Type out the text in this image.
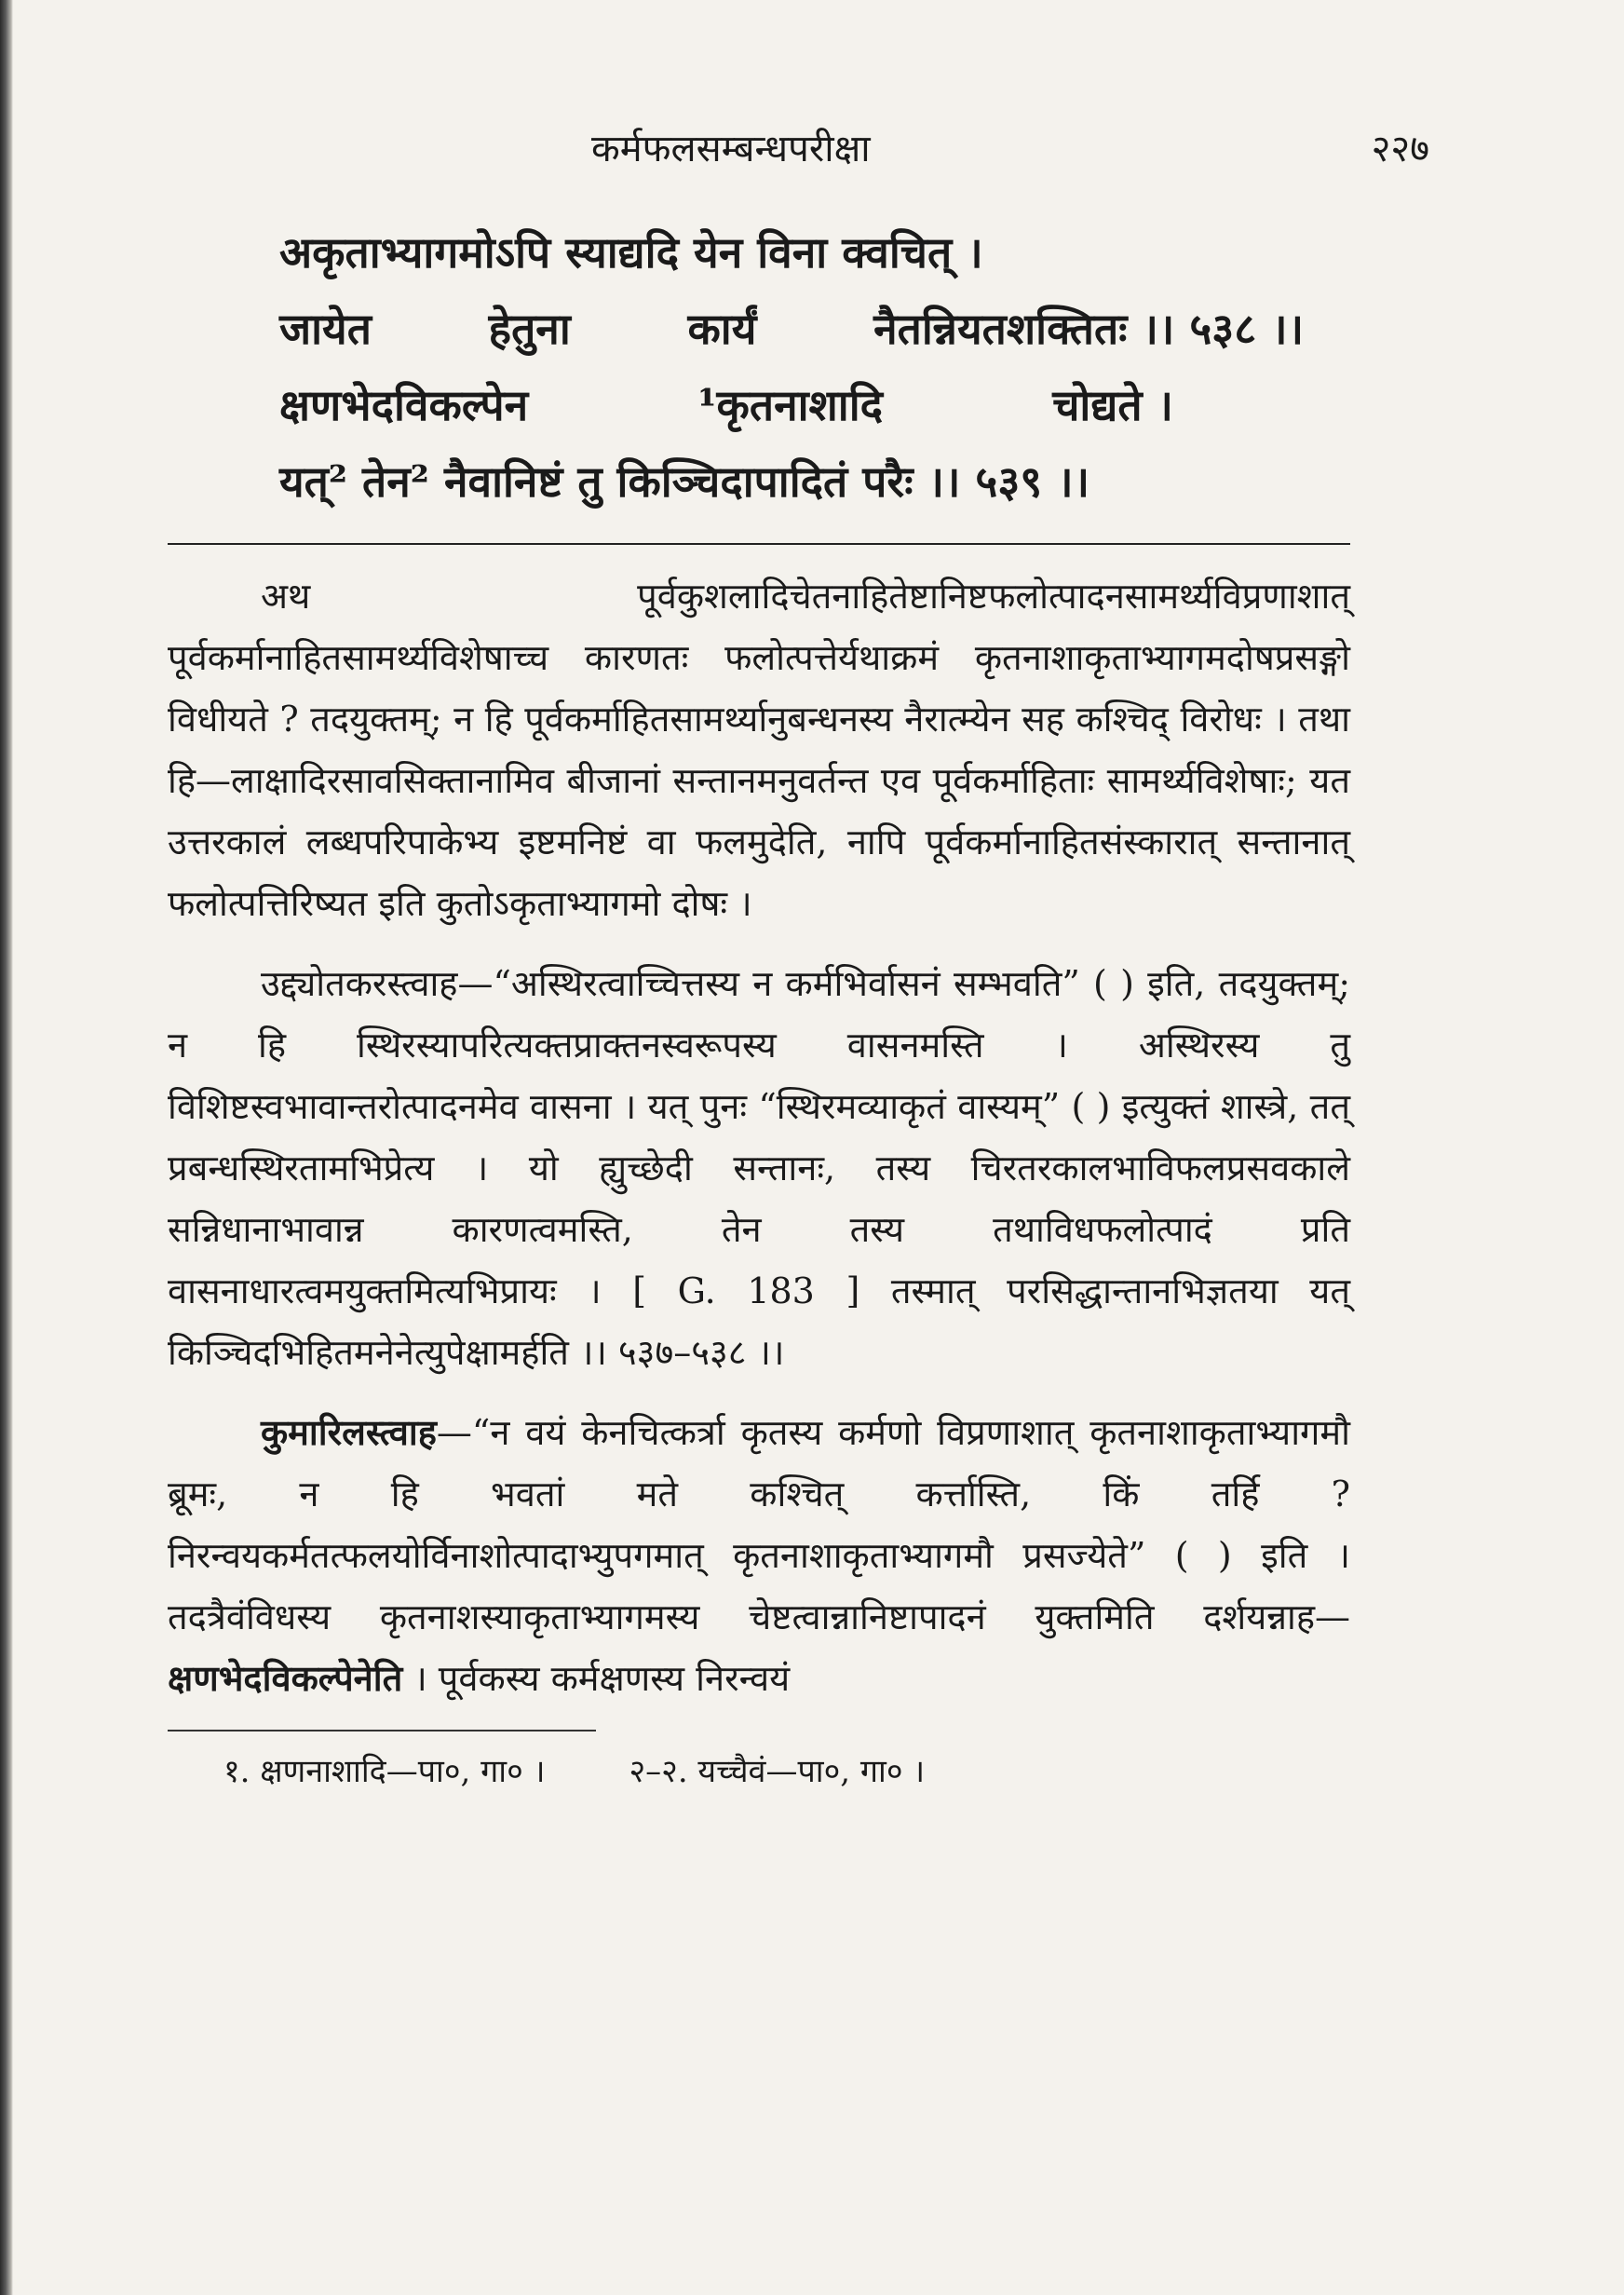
कर्मफलसम्बन्धपरीक्षा	२२७
अकृताभ्यागमोऽपि स्याद्यदि येन विना क्वचित् ।
जायेत	हेतुना	कार्यं	नैतन्नियतशक्तितः ।। ५३८ ।।
क्षणभेदविकल्पेन	¹कृतनाशादि	चोद्यते ।
यत्² तेन² नैवानिष्टं तु किञ्चिदापादितं परैः ।। ५३९ ।।

अथ पूर्वकुशलादिचेतनाहितेष्टानिष्टफलोत्पादनसामर्थ्यविप्रणाशात् पूर्वकर्मानाहितसामर्थ्यविशेषाच्च कारणतः फलोत्पत्तेर्यथाक्रमं कृतनाशाकृताभ्यागमदोषप्रसङ्गो विधीयते ? तदयुक्तम्; न हि पूर्वकर्माहितसामर्थ्यानुबन्धनस्य नैरात्म्येन सह कश्चिद् विरोधः । तथा हि—लाक्षादिरसावसिक्तानामिव बीजानां सन्तानमनुवर्तन्त एव पूर्वकर्माहिताः सामर्थ्यविशेषाः; यत उत्तरकालं लब्धपरिपाकेभ्य इष्टमनिष्टं वा फलमुदेति, नापि पूर्वकर्मानाहितसंस्कारात् सन्तानात् फलोत्पत्तिरिष्यत इति कुतोऽकृताभ्यागमो दोषः ।

उद्द्योतकरस्त्वाह—“अस्थिरत्वाच्चित्तस्य न कर्मभिर्वासनं सम्भवति” ( ) इति, तदयुक्तम्; न हि स्थिरस्यापरित्यक्तप्राक्तनस्वरूपस्य वासनमस्ति । अस्थिरस्य तु विशिष्टस्वभावान्तरोत्पादनमेव वासना । यत् पुनः “स्थिरमव्याकृतं वास्यम्” ( ) इत्युक्तं शास्त्रे, तत् प्रबन्धस्थिरतामभिप्रेत्य । यो ह्युच्छेदी सन्तानः, तस्य चिरतरकालभाविफलप्रसवकाले सन्निधानाभावान्न कारणत्वमस्ति, तेन तस्य तथाविधफलोत्पादं प्रति वासनाधारत्वमयुक्तमित्यभिप्रायः । [ G. 183 ] तस्मात् परसिद्धान्तानभिज्ञतया यत् किञ्चिदभिहितमनेनेत्युपेक्षामर्हति ।। ५३७–५३८ ।।

कुमारिलस्त्वाह—“न वयं केनचित्कर्त्रा कृतस्य कर्मणो विप्रणाशात् कृतनाशाकृताभ्यागमौ ब्रूमः, न हि भवतां मते कश्चित् कर्त्तास्ति, किं तर्हि ? निरन्वयकर्मतत्फलयोर्विनाशोत्पादाभ्युपगमात् कृतनाशाकृताभ्यागमौ प्रसज्येते” ( ) इति । तदत्रैवंविधस्य कृतनाशस्याकृताभ्यागमस्य चेष्टत्वान्नानिष्टापादनं युक्तमिति दर्शयन्नाह—क्षणभेदविकल्पेनेति । पूर्वकस्य कर्मक्षणस्य निरन्वयं

१. क्षणनाशादि—पा०, गा० ।	२–२. यच्चैवं—पा०, गा० ।
